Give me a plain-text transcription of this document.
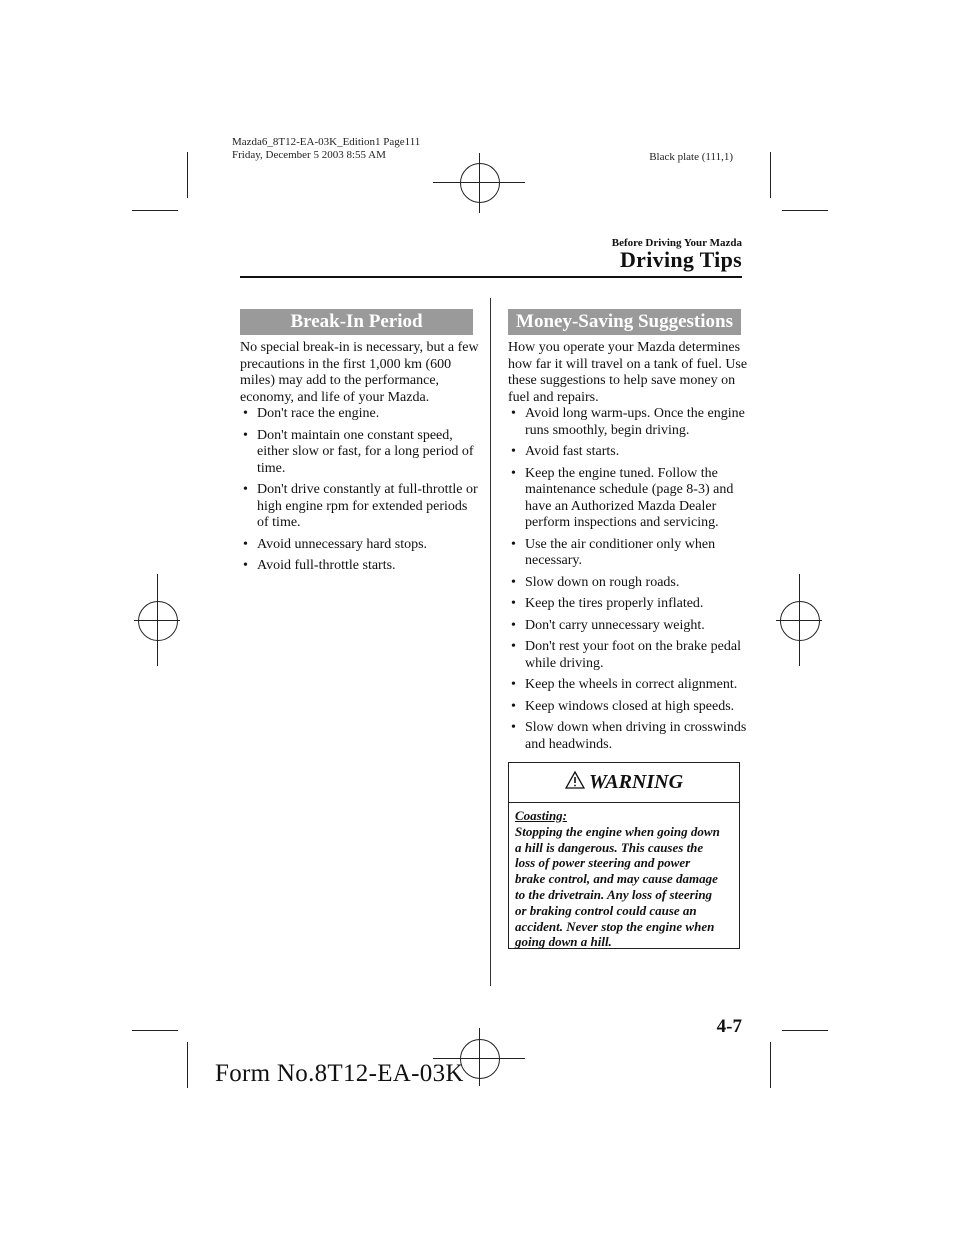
Mazda6_8T12-EA-03K_Edition1 Page111
Friday, December 5 2003 8:55 AM	Black plate (111,1)
Before Driving Your Mazda
Driving Tips
Break-In Period
No special break-in is necessary, but a few
precautions in the first 1,000 km (600
miles) may add to the performance,
economy, and life of your Mazda.
• Don't race the engine.
• Don't maintain one constant speed,
either slow or fast, for a long period of
time.
• Don't drive constantly at full-throttle or
high engine rpm for extended periods
of time.
• Avoid unnecessary hard stops.
• Avoid full-throttle starts.
Money-Saving Suggestions
How you operate your Mazda determines
how far it will travel on a tank of fuel. Use
these suggestions to help save money on
fuel and repairs.
• Avoid long warm-ups. Once the engine
runs smoothly, begin driving.
• Avoid fast starts.
• Keep the engine tuned. Follow the
maintenance schedule (page 8-3) and
have an Authorized Mazda Dealer
perform inspections and servicing.
• Use the air conditioner only when
necessary.
• Slow down on rough roads.
• Keep the tires properly inflated.
• Don't carry unnecessary weight.
• Don't rest your foot on the brake pedal
while driving.
• Keep the wheels in correct alignment.
• Keep windows closed at high speeds.
• Slow down when driving in crosswinds
and headwinds.
WARNING
Coasting:
Stopping the engine when going down
a hill is dangerous. This causes the
loss of power steering and power
brake control, and may cause damage
to the drivetrain. Any loss of steering
or braking control could cause an
accident. Never stop the engine when
going down a hill.
4-7
Form No.8T12-EA-03K
